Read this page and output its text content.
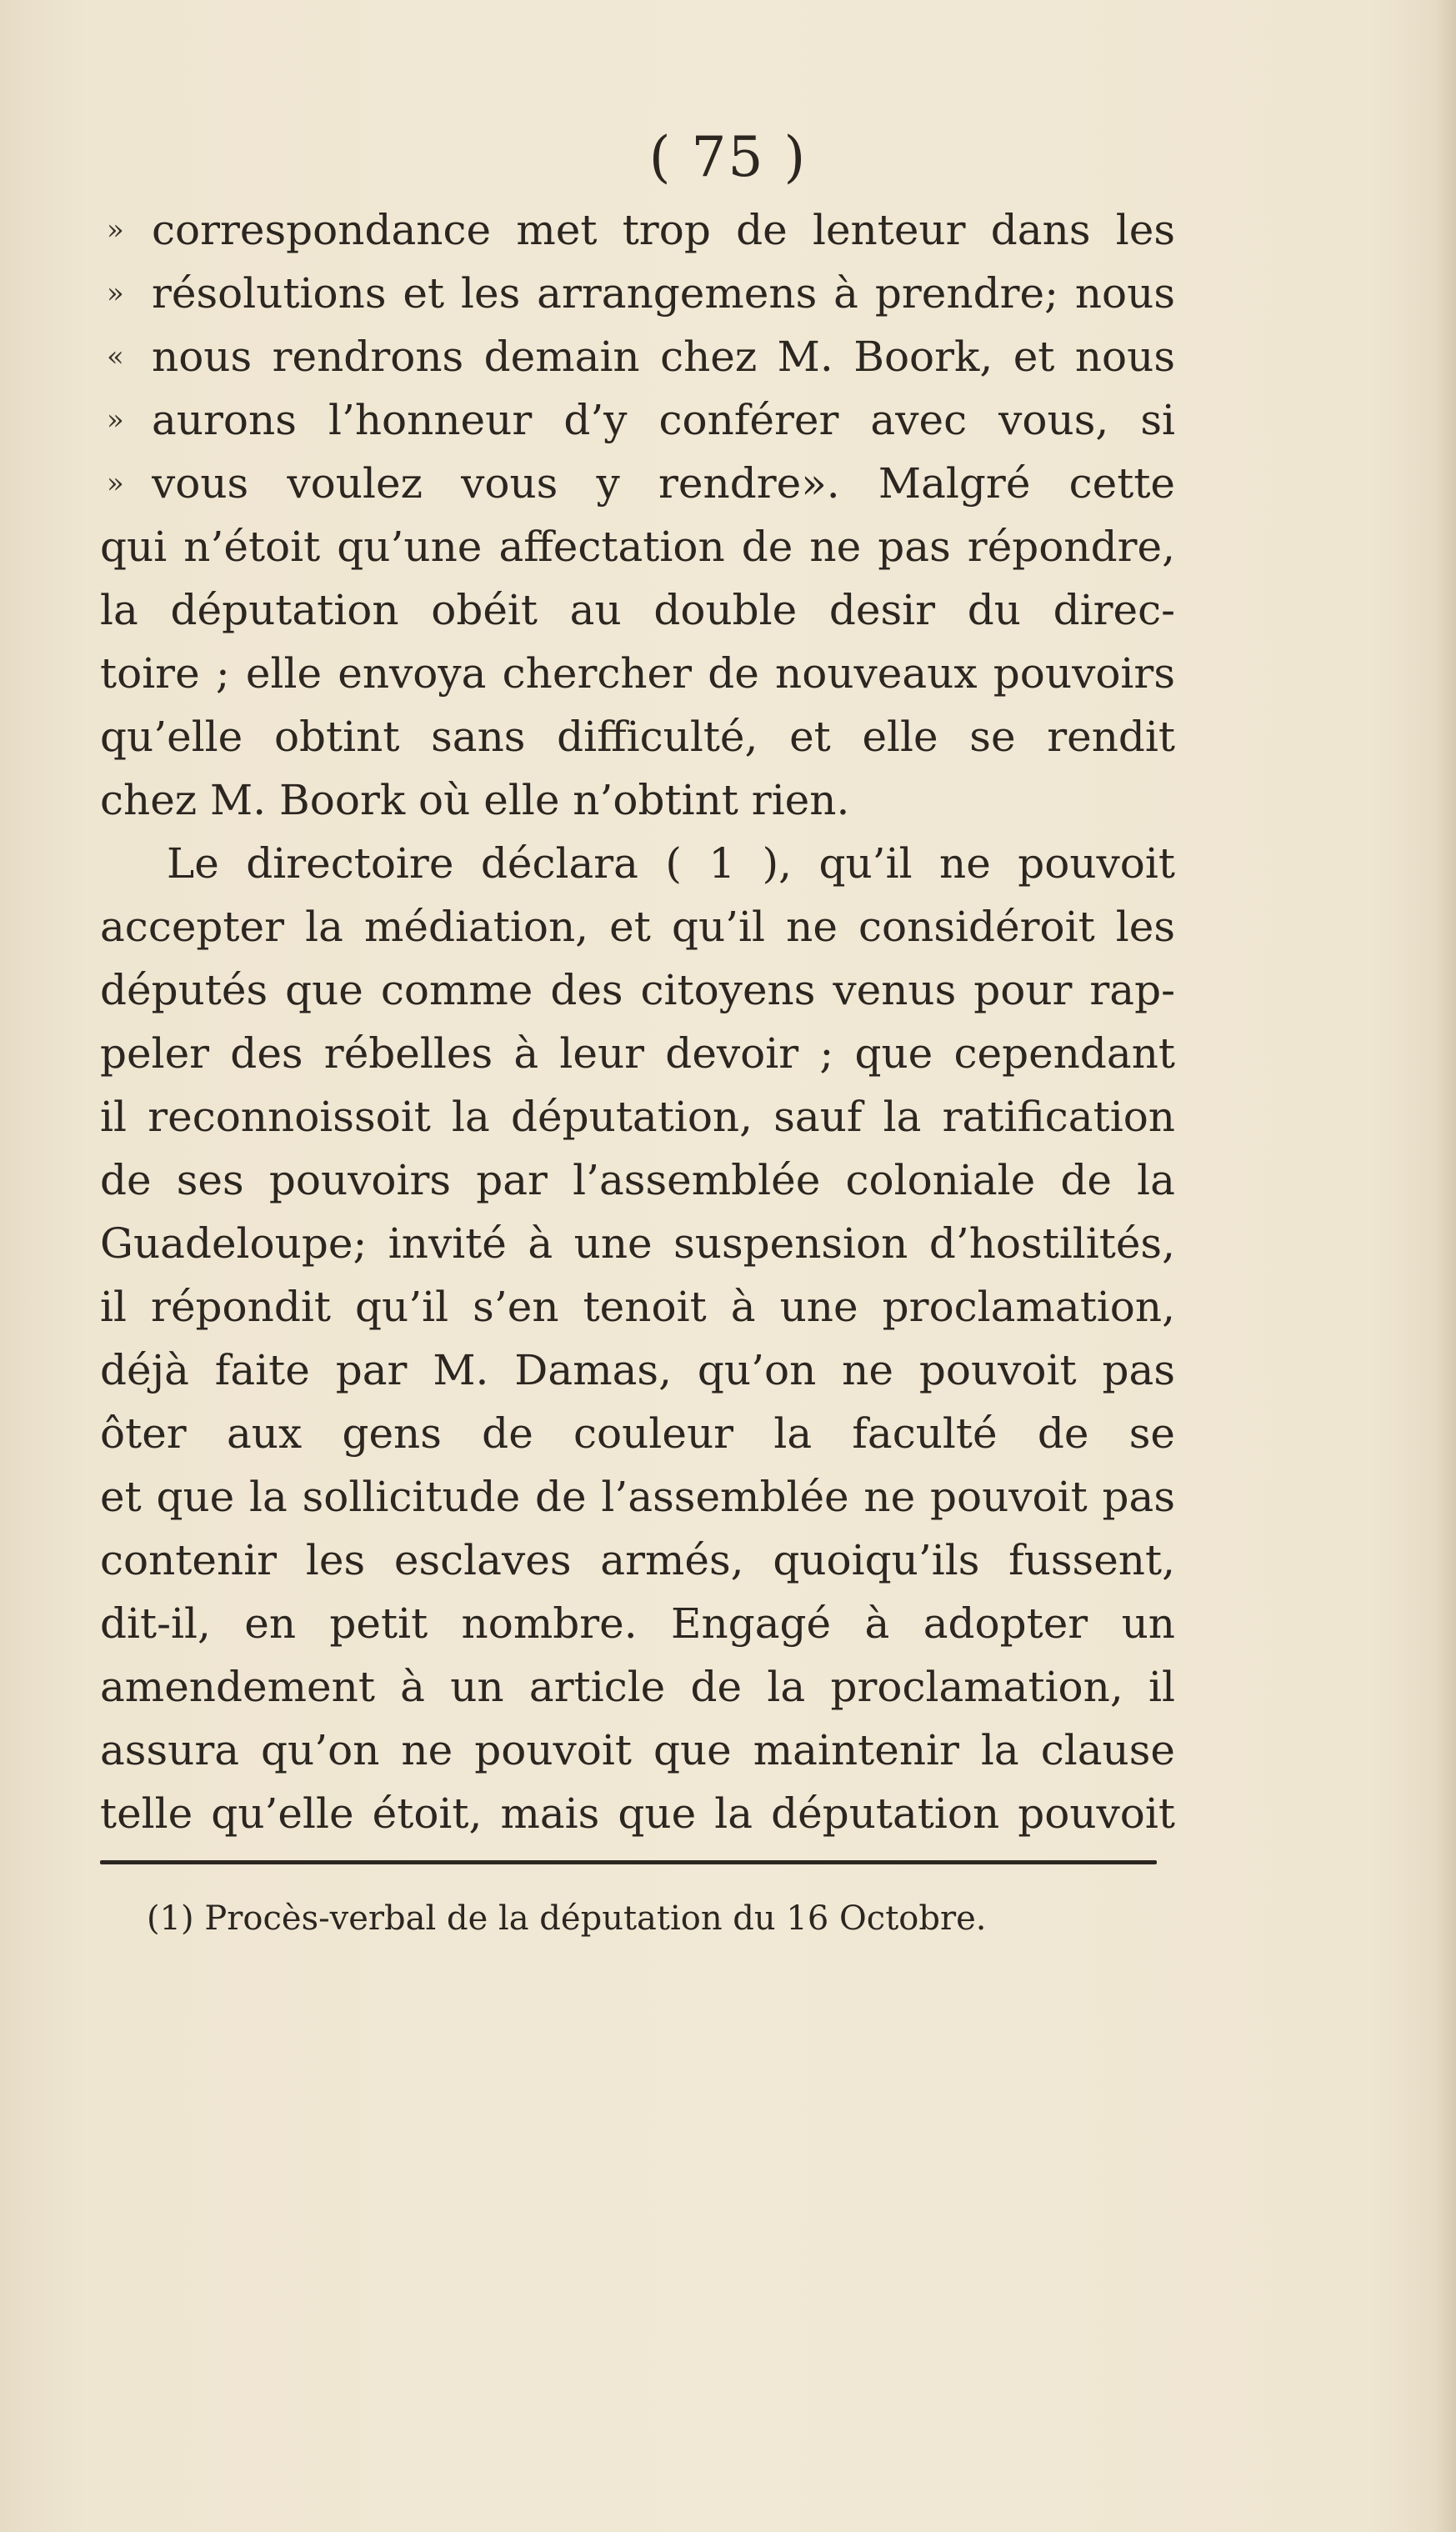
( 75 )
» correspondance met trop de lenteur dans les
» résolutions et les arrangemens à prendre; nous
« nous rendrons demain chez M. Boork, et nous
» aurons l’honneur d’y conférer avec vous, si
» vous voulez vous y rendre». Malgré cette
qui n’étoit qu’une affectation de ne pas répondre,
la députation obéit au double desir du direc-
toire ; elle envoya chercher de nouveaux pouvoirs
qu’elle obtint sans difficulté, et elle se rendit
chez M. Boork où elle n’obtint rien.
Le directoire déclara ( 1 ), qu’il ne pouvoit
accepter la médiation, et qu’il ne considéroit les
députés que comme des citoyens venus pour rap-
peler des rébelles à leur devoir ; que cependant
il reconnoissoit la députation, sauf la ratification
de ses pouvoirs par l’assemblée coloniale de la
Guadeloupe; invité à une suspension d’hostilités,
il répondit qu’il s’en tenoit à une proclamation,
déjà faite par M. Damas, qu’on ne pouvoit pas
ôter aux gens de couleur la faculté de se
et que la sollicitude de l’assemblée ne pouvoit pas
contenir les esclaves armés, quoiqu’ils fussent,
dit-il, en petit nombre. Engagé à adopter un
amendement à un article de la proclamation, il
assura qu’on ne pouvoit que maintenir la clause
telle qu’elle étoit, mais que la députation pouvoit
(1) Procès-verbal de la députation du 16 Octobre.
